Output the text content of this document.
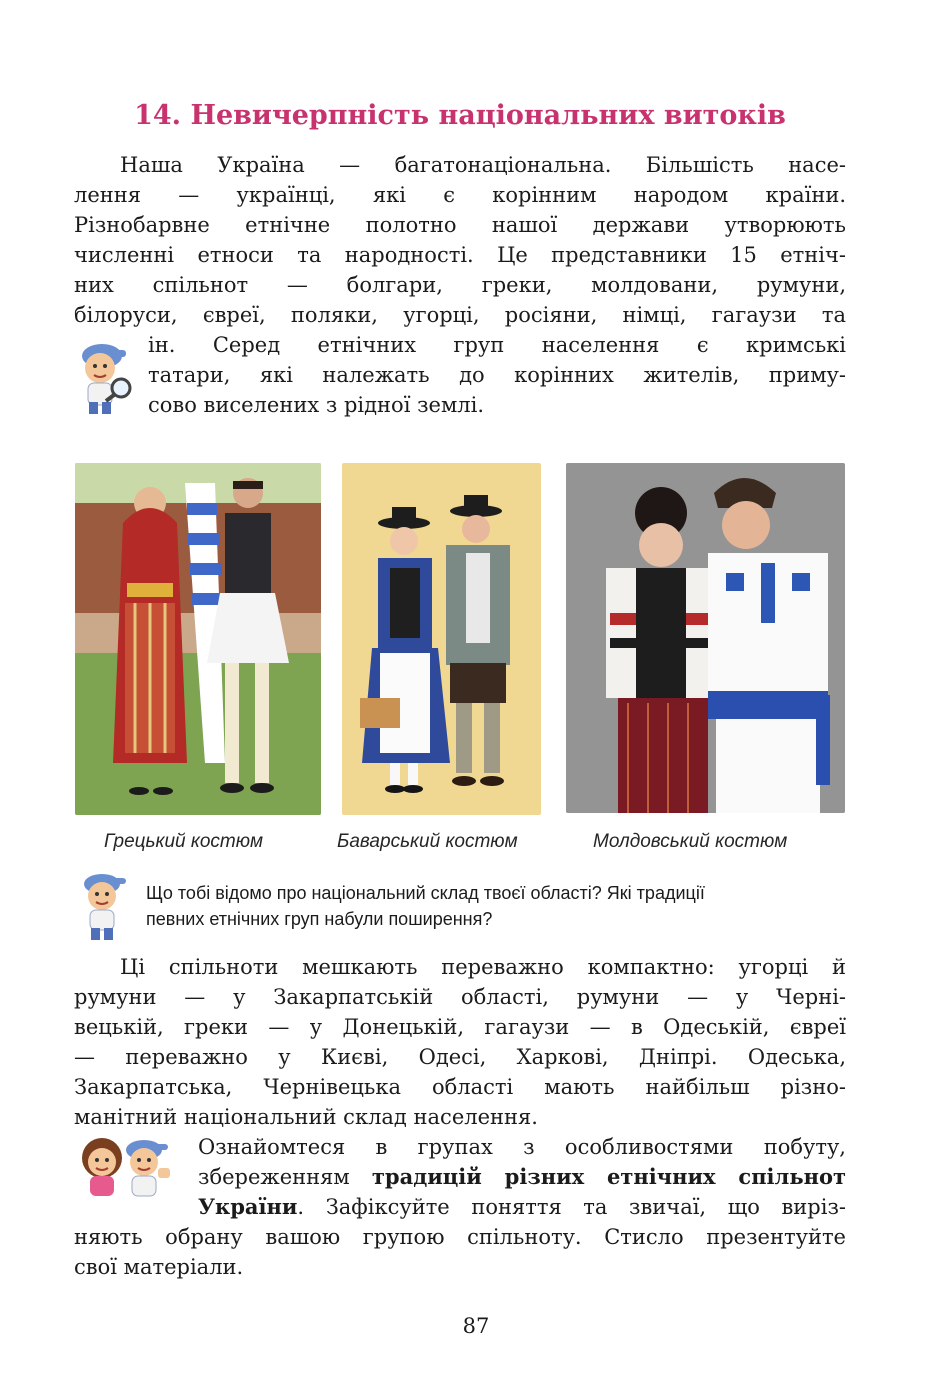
14. Невичерпність національних витоків
Наша Україна — багатонаціональна. Більшість насе-
лення — українці, які є корінним народом країни.
Різнобарвне етнічне полотно нашої держави утворюють
численні етноси та народності. Це представники 15 етніч-
них спільнот — болгари, греки, молдовани, румуни,
білоруси, євреї, поляки, угорці, росіяни, німці, гагаузи та
ін. Серед етнічних груп населення є кримські
татари, які належать до корінних жителів, приму-
сово виселених з рідної землі.
Грецький костюм	Баварський костюм	Молдовський костюм
Що тобі відомо про національний склад твоєї області? Які традиції
певних етнічних груп набули поширення?
Ці спільноти мешкають переважно компактно: угорці й
румуни — у Закарпатській області, румуни — у Черні-
вецькій, греки — у Донецькій, гагаузи — в Одеській, євреї
— переважно у Києві, Одесі, Харкові, Дніпрі. Одеська,
Закарпатська, Чернівецька області мають найбільш різно-
манітний національний склад населення.
Ознайомтеся в групах з особливостями побуту,
збереженням традицій різних етнічних спільнот
України. Зафіксуйте поняття та звичаї, що вирiз-
няють обрану вашою групою спільноту. Стисло презентуйте
свої матеріали.
87
